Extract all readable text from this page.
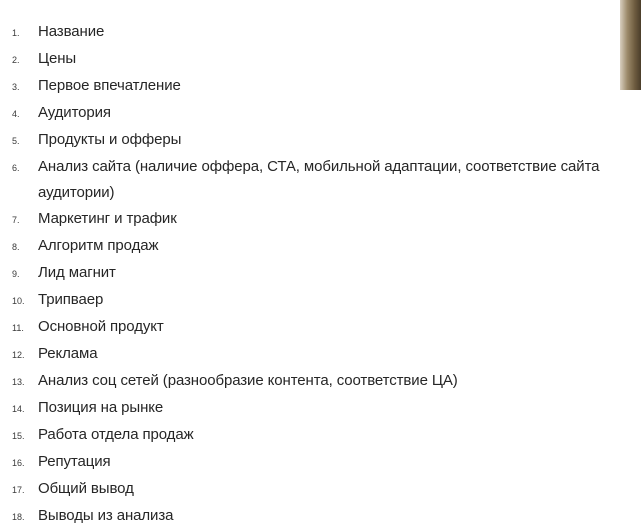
1.	Название
2.	Цены
3.	Первое впечатление
4.	Аудитория
5.	Продукты и офферы
6.	Анализ сайта (наличие оффера, СТА, мобильной адаптации, соответствие сайта аудитории)
7.	Маркетинг и трафик
8.	Алгоритм продаж
9.	Лид магнит
10. Трипваер
11. Основной продукт
12. Реклама
13. Анализ соц сетей (разнообразие контента, соответствие ЦА)
14. Позиция на рынке
15. Работа отдела продаж
16. Репутация
17. Общий вывод
18. Выводы из анализа
